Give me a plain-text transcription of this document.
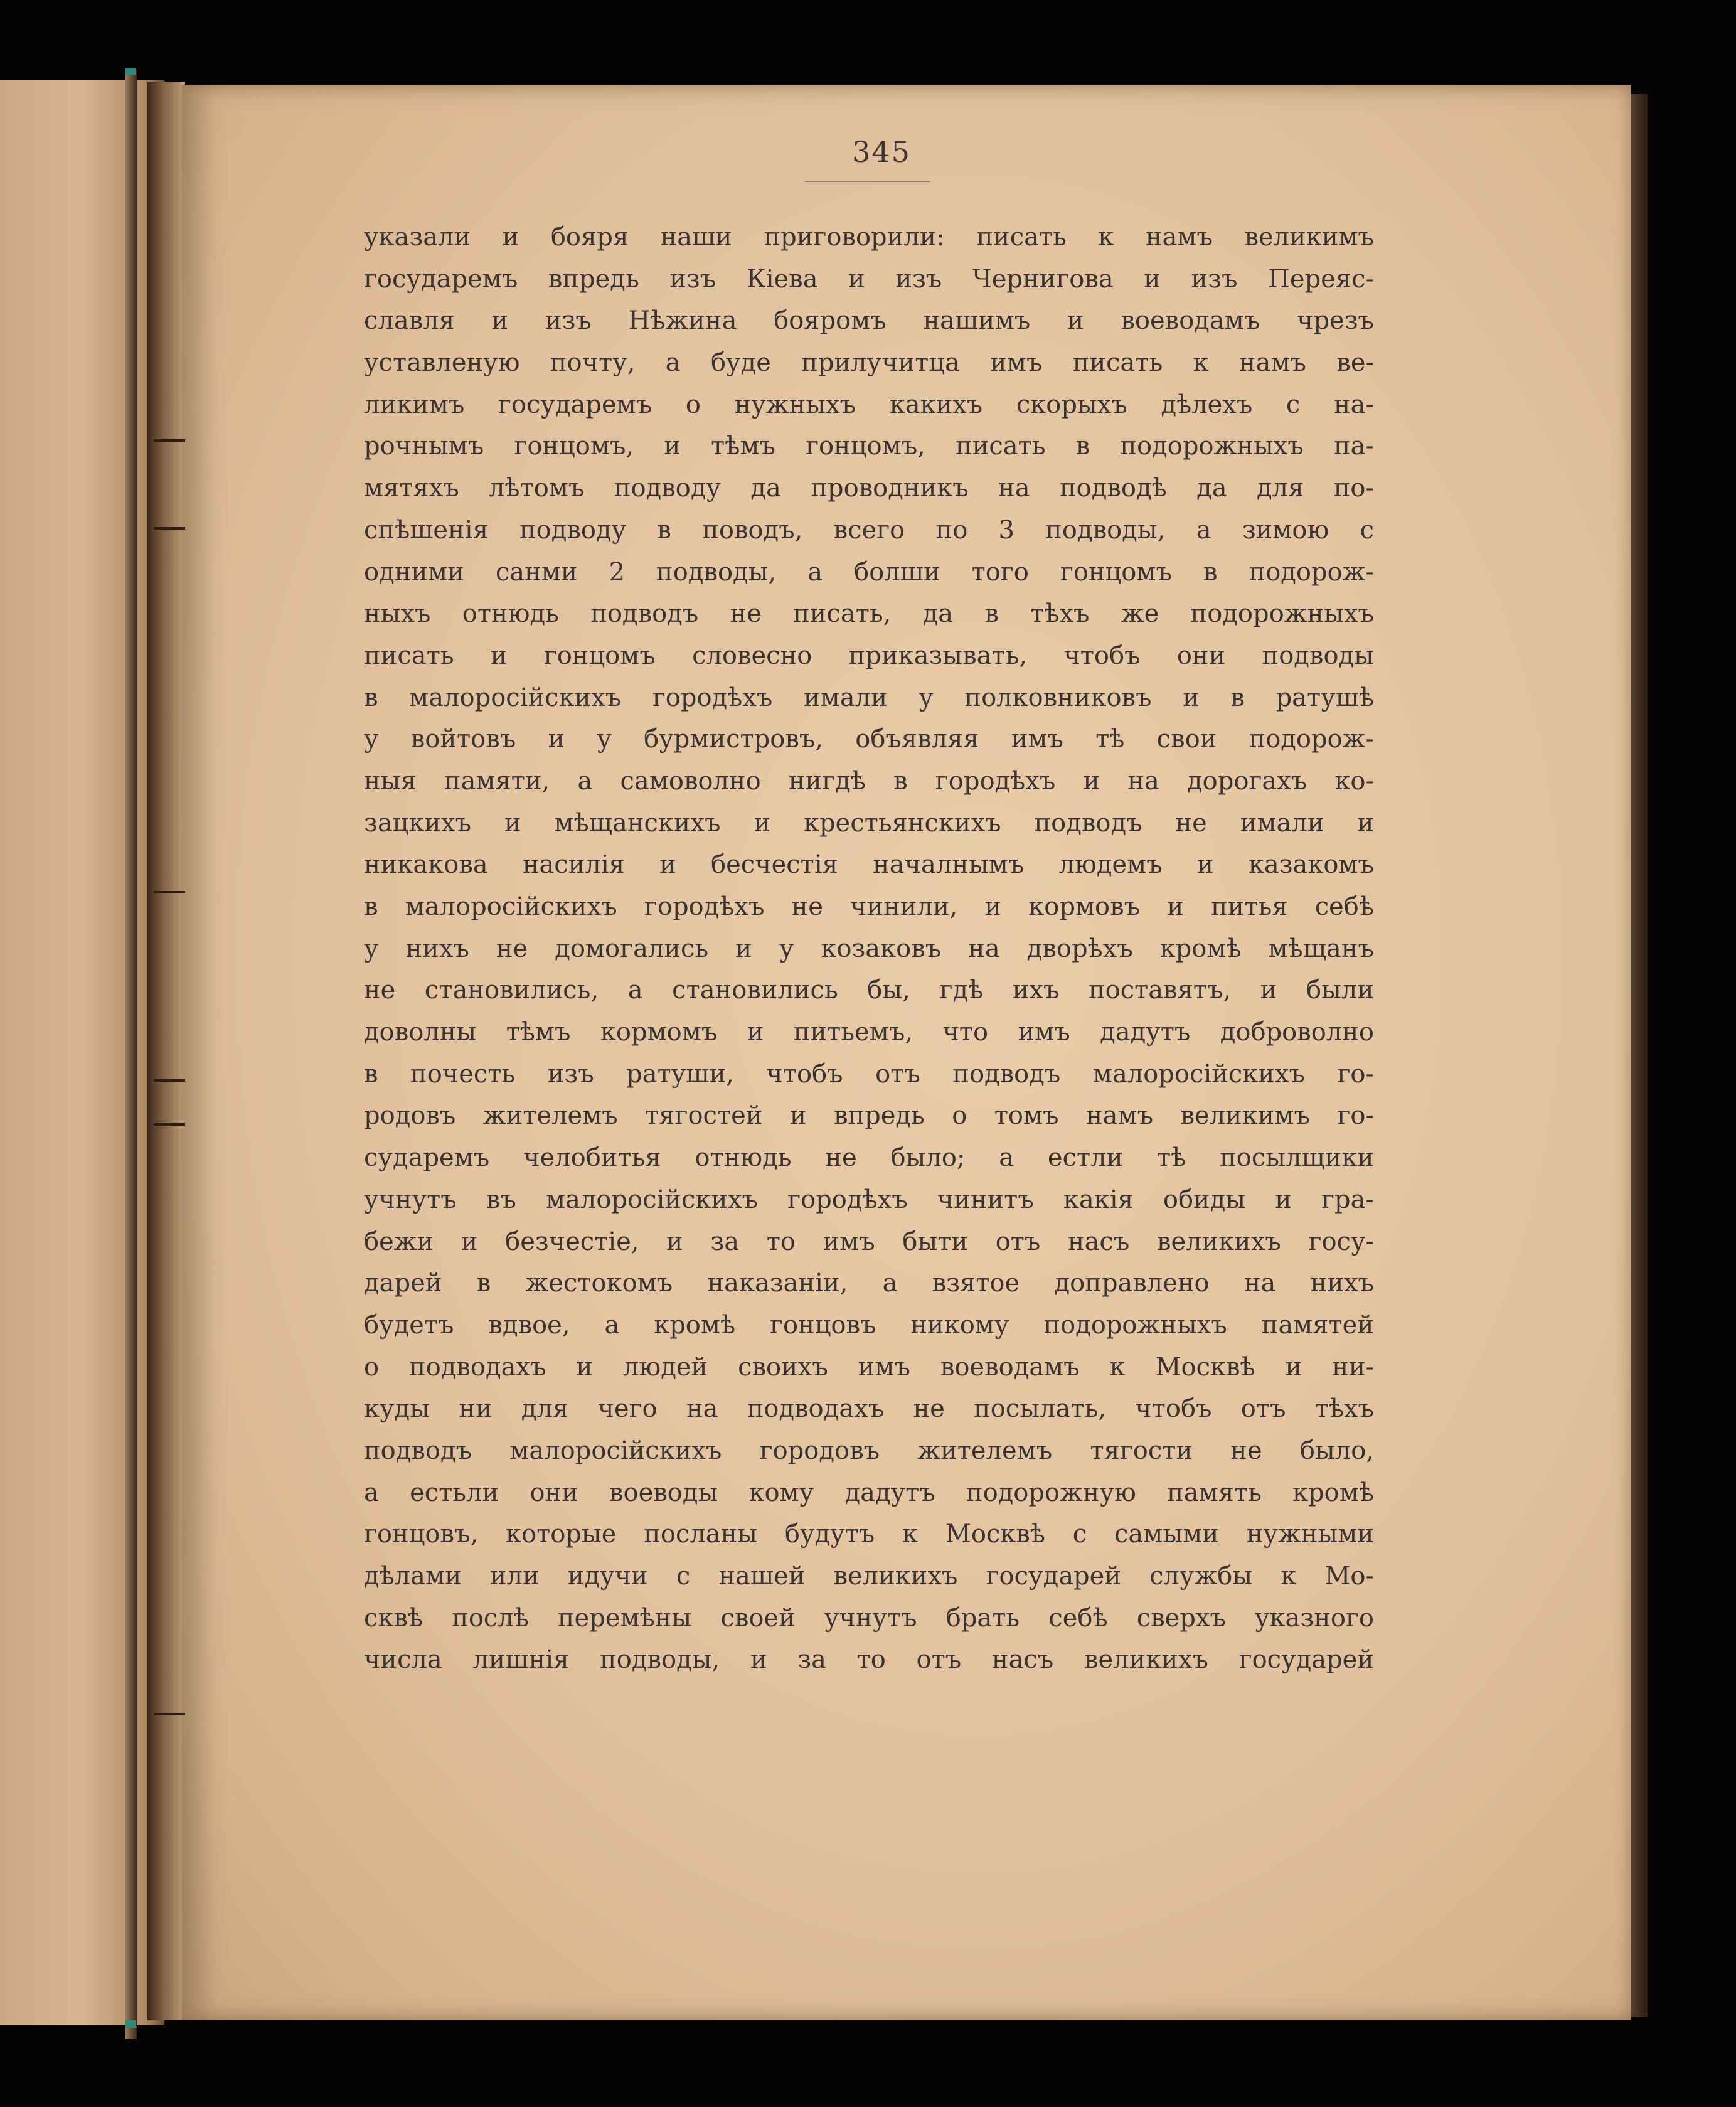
345
указали и бояря наши приговорили: писать к намъ великимъ
государемъ впредь изъ Кіева и изъ Чернигова и изъ Переяс-
славля и изъ Нѣжина бояромъ нашимъ и воеводамъ чрезъ
уставленую почту, а буде прилучитца имъ писать к намъ ве-
ликимъ государемъ о нужныхъ какихъ скорыхъ дѣлехъ с на-
рочнымъ гонцомъ, и тѣмъ гонцомъ, писать в подорожныхъ па-
мятяхъ лѣтомъ подводу да проводникъ на подводѣ да для по-
спѣшенія подводу в поводъ, всего по 3 подводы, а зимою с
одними санми 2 подводы, а болши того гонцомъ в подорож-
ныхъ отнюдь подводъ не писать, да в тѣхъ же подорожныхъ
писать и гонцомъ словесно приказывать, чтобъ они подводы
в малоросійскихъ городѣхъ имали у полковниковъ и в ратушѣ
у войтовъ и у бурмистровъ, объявляя имъ тѣ свои подорож-
ныя памяти, а самоволно нигдѣ в городѣхъ и на дорогахъ ко-
зацкихъ и мѣщанскихъ и крестьянскихъ подводъ не имали и
никакова насилія и бесчестія началнымъ людемъ и казакомъ
в малоросійскихъ городѣхъ не чинили, и кормовъ и питья себѣ
у нихъ не домогались и у козаковъ на дворѣхъ кромѣ мѣщанъ
не становились, а становились бы, гдѣ ихъ поставятъ, и были
доволны тѣмъ кормомъ и питьемъ, что имъ дадутъ доброволно
в почесть изъ ратуши, чтобъ отъ подводъ малоросійскихъ го-
родовъ жителемъ тягостей и впредь о томъ намъ великимъ го-
сударемъ челобитья отнюдь не было; а естли тѣ посылщики
учнутъ въ малоросійскихъ городѣхъ чинитъ какія обиды и гра-
бежи и безчестіе, и за то имъ быти отъ насъ великихъ госу-
дарей в жестокомъ наказаніи, а взятое доправлено на нихъ
будетъ вдвое, а кромѣ гонцовъ никому подорожныхъ памятей
о подводахъ и людей своихъ имъ воеводамъ к Москвѣ и ни-
куды ни для чего на подводахъ не посылать, чтобъ отъ тѣхъ
подводъ малоросійскихъ городовъ жителемъ тягости не было,
а естьли они воеводы кому дадутъ подорожную память кромѣ
гонцовъ, которые посланы будутъ к Москвѣ с самыми нужными
дѣлами или идучи с нашей великихъ государей службы к Мо-
сквѣ послѣ перемѣны своей учнутъ брать себѣ сверхъ указного
числа лишнія подводы, и за то отъ насъ великихъ государей
